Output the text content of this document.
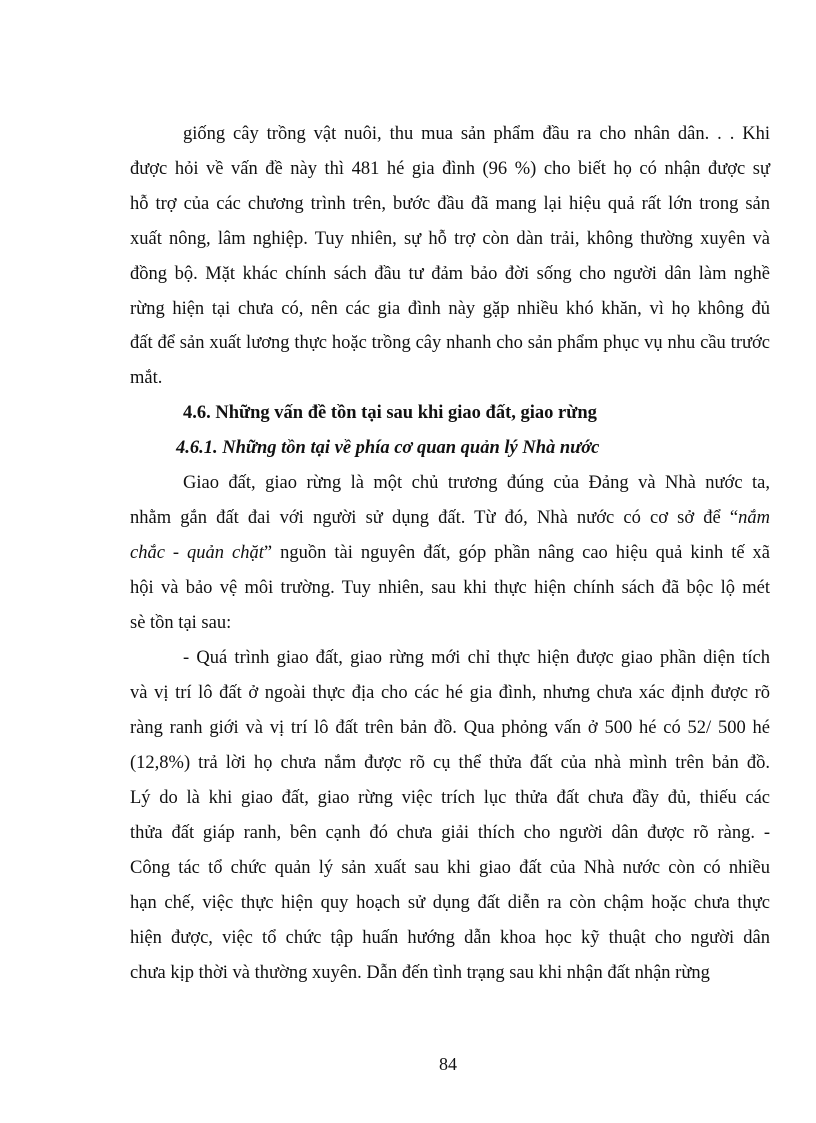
giống cây trồng vật nuôi, thu mua sản phẩm đầu ra cho nhân dân. . . Khi
được hỏi về vấn đề này thì 481 hé gia đình (96 %) cho biết họ có nhận được sự
hỗ trợ của các chương trình trên, bước đầu đã mang lại hiệu quả rất lớn trong sản
xuất nông, lâm nghiệp. Tuy nhiên, sự hỗ trợ còn dàn trải, không thường xuyên và
đồng bộ. Mặt khác chính sách đầu tư đảm bảo đời sống cho người dân làm nghề
rừng hiện tại chưa có, nên các gia đình này gặp nhiều khó khăn, vì họ không đủ
đất để sản xuất lương thực hoặc trồng cây nhanh cho sản phẩm phục vụ nhu cầu trước
mắt.
4.6. Những vấn đề tồn tại sau khi giao đất, giao rừng
4.6.1. Những tồn tại về phía cơ quan quản lý Nhà nước
Giao đất, giao rừng là một chủ trương đúng của Đảng và Nhà nước ta,
nhằm gắn đất đai với người sử dụng đất. Từ đó, Nhà nước có cơ sở để “nắm
chắc - quản chặt” nguồn tài nguyên đất, góp phần nâng cao hiệu quả kinh tế xã
hội và bảo vệ môi trường. Tuy nhiên, sau khi thực hiện chính sách đã bộc lộ mét
sè tồn tại sau:
- Quá trình giao đất, giao rừng mới chỉ thực hiện được giao phần diện tích
và vị trí lô đất ở ngoài thực địa cho các hé gia đình, nhưng chưa xác định được rõ
ràng ranh giới và vị trí lô đất trên bản đồ. Qua phỏng vấn ở 500 hé có 52/ 500 hé
(12,8%) trả lời họ chưa nắm được rõ cụ thể thửa đất của nhà mình trên bản đồ.
Lý do là khi giao đất, giao rừng việc trích lục thửa đất chưa đầy đủ, thiếu các
thửa đất giáp ranh, bên cạnh đó chưa giải thích cho người dân được rõ ràng. -
Công tác tổ chức quản lý sản xuất sau khi giao đất của Nhà nước còn có nhiều
hạn chế, việc thực hiện quy hoạch sử dụng đất diễn ra còn chậm hoặc chưa thực
hiện được, việc tổ chức tập huấn hướng dẫn khoa học kỹ thuật cho người dân
chưa kịp thời và thường xuyên. Dẫn đến tình trạng sau khi nhận đất nhận rừng
84
